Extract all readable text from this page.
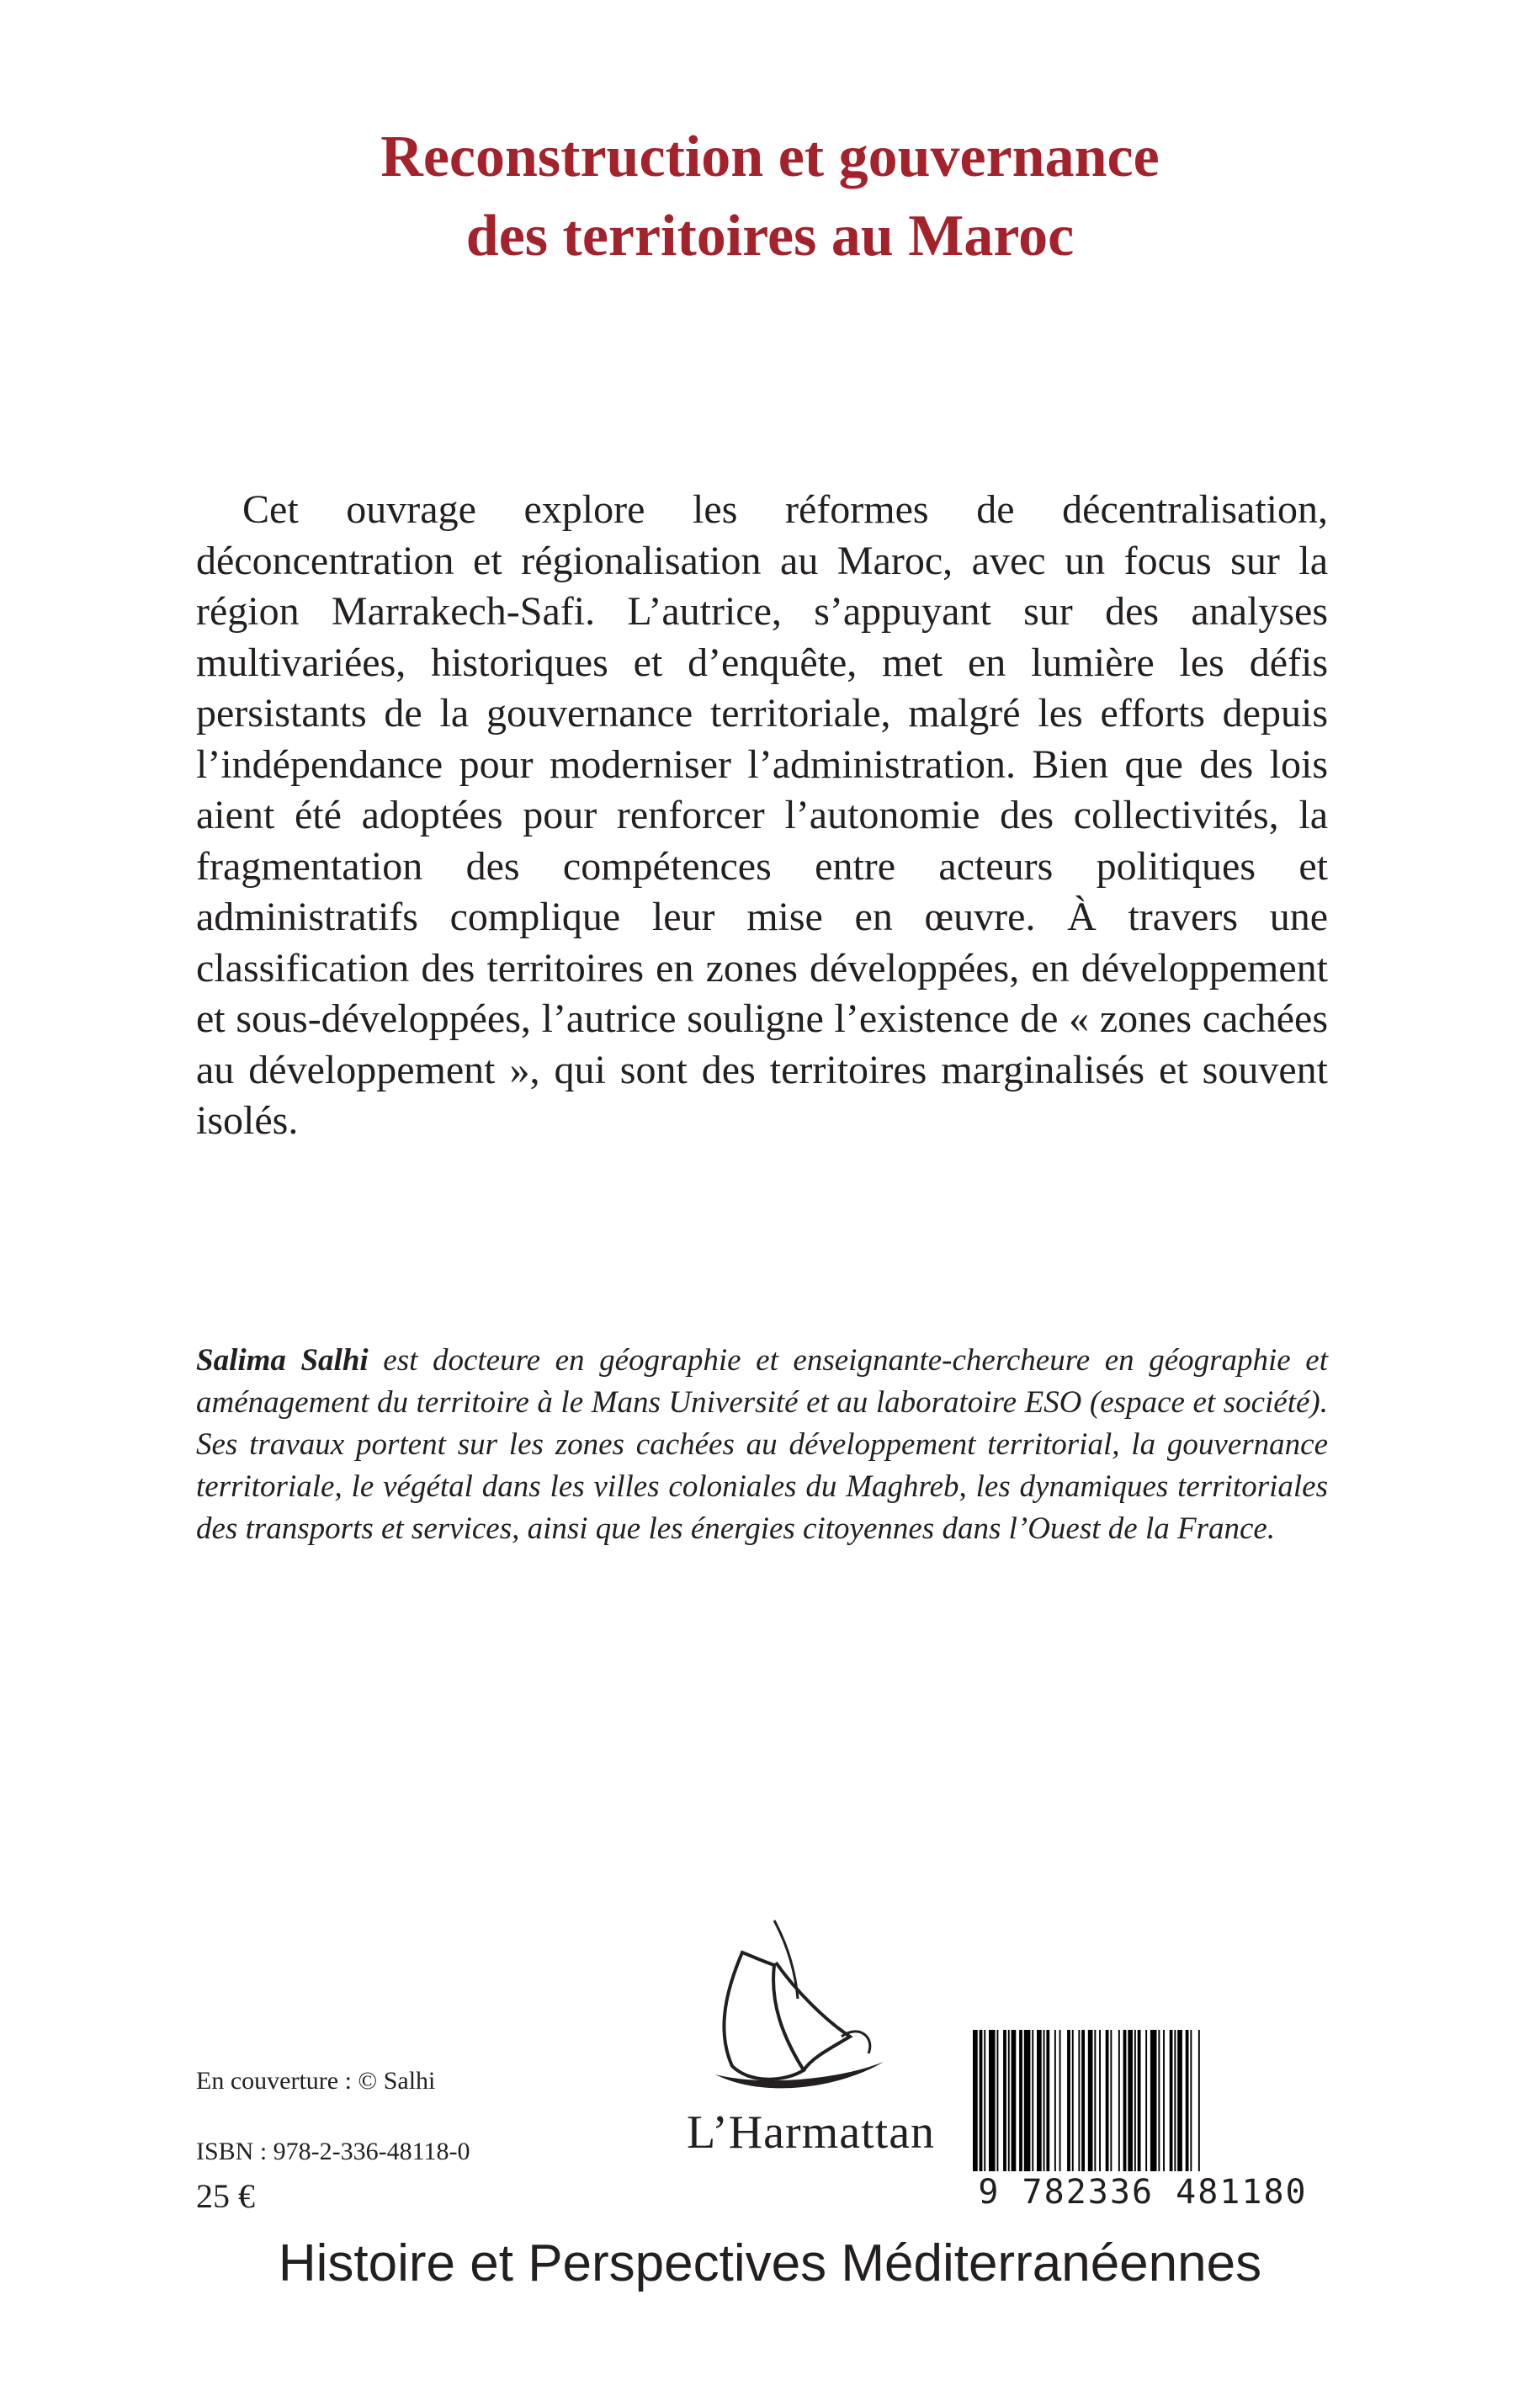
Reconstruction et gouvernance
des territoires au Maroc

Cet ouvrage explore les réformes de décentralisation, déconcentration et régionalisation au Maroc, avec un focus sur la région Marrakech-Safi. L’autrice, s’appuyant sur des analyses multivariées, historiques et d’enquête, met en lumière les défis persistants de la gouvernance territoriale, malgré les efforts depuis l’indépendance pour moderniser l’administration. Bien que des lois aient été adoptées pour renforcer l’autonomie des collectivités, la fragmentation des compétences entre acteurs politiques et administratifs complique leur mise en œuvre. À travers une classification des territoires en zones développées, en développement et sous-développées, l’autrice souligne l’existence de « zones cachées au développement », qui sont des territoires marginalisés et souvent isolés.

Salima Salhi est docteure en géographie et enseignante-chercheure en géographie et aménagement du territoire à le Mans Université et au laboratoire ESO (espace et société). Ses travaux portent sur les zones cachées au développement territorial, la gouvernance territoriale, le végétal dans les villes coloniales du Maghreb, les dynamiques territoriales des transports et services, ainsi que les énergies citoyennes dans l’Ouest de la France.

En couverture : © Salhi
ISBN : 978-2-336-48118-0
25 €
L’Harmattan
9 782336 481180
Histoire et Perspectives Méditerranéennes
